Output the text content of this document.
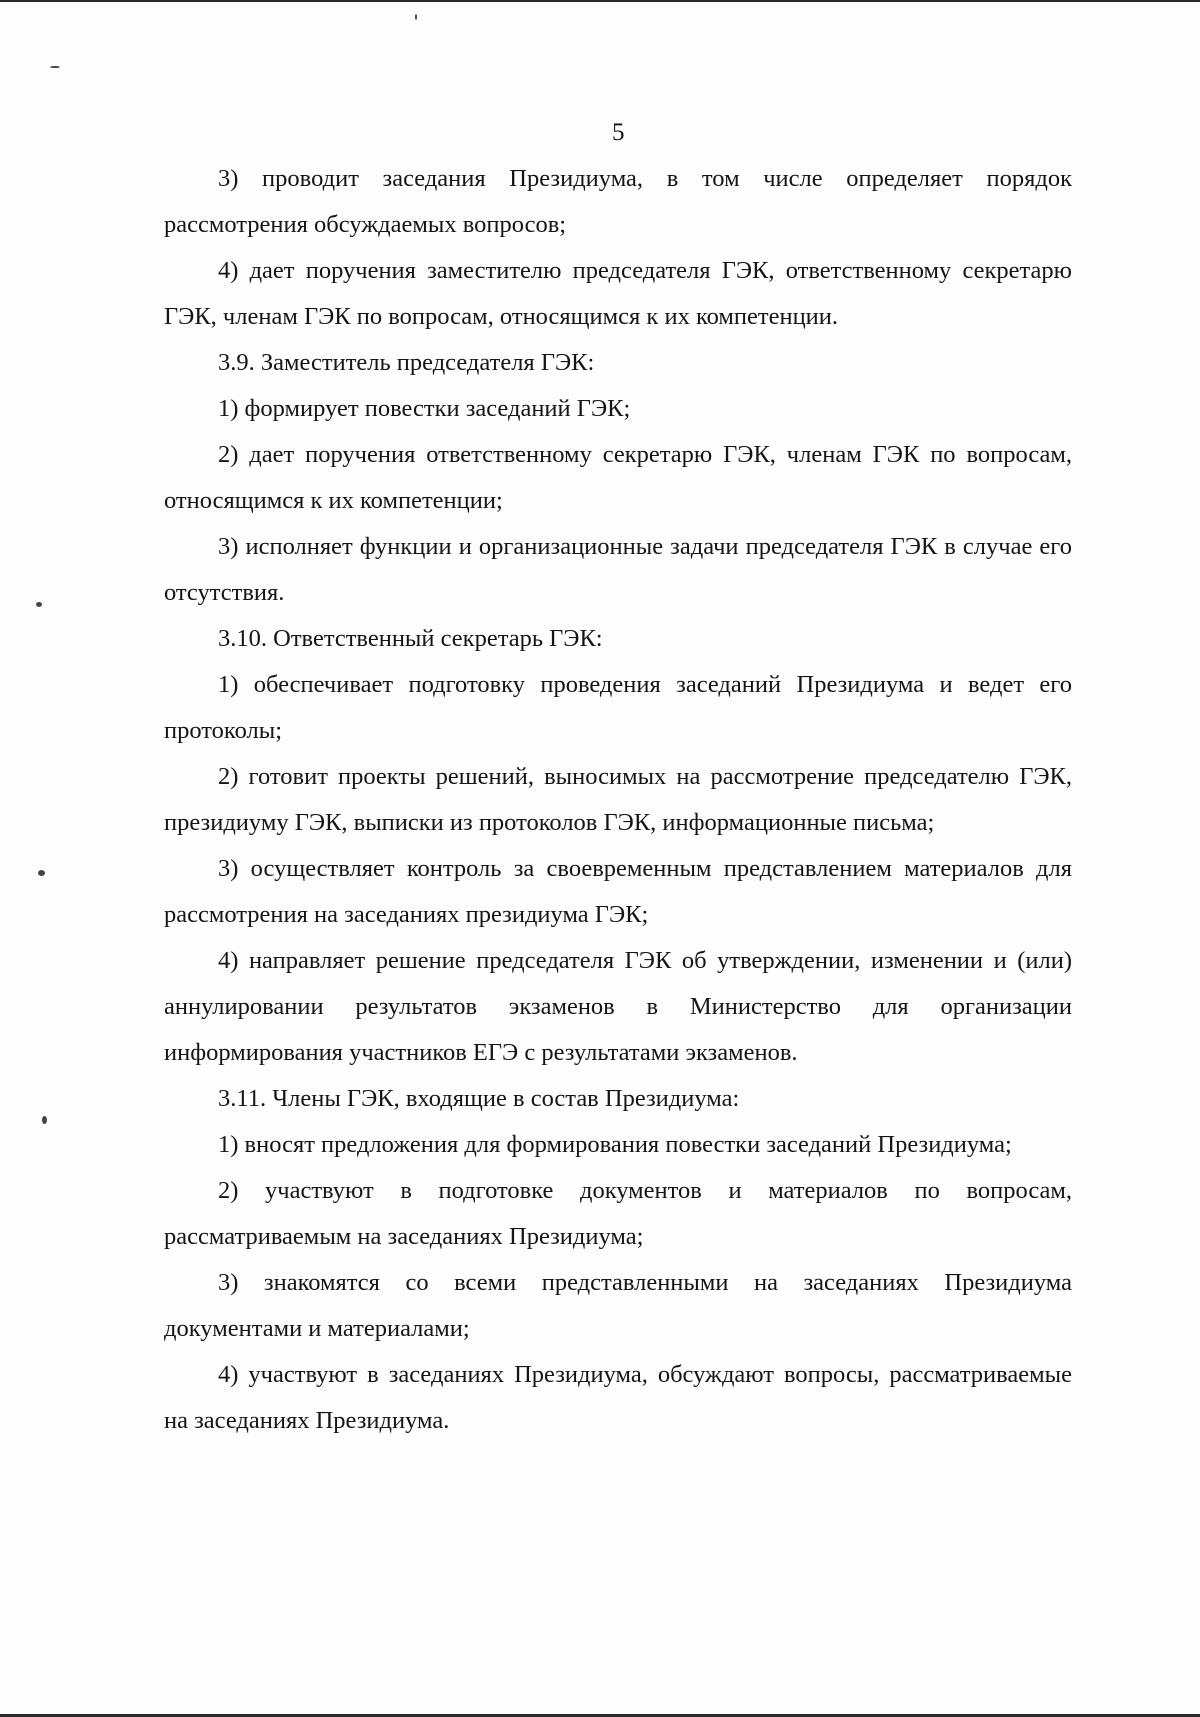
5

3) проводит заседания Президиума, в том числе определяет порядок рассмотрения обсуждаемых вопросов;

4) дает поручения заместителю председателя ГЭК, ответственному секретарю ГЭК, членам ГЭК по вопросам, относящимся к их компетенции.

3.9. Заместитель председателя ГЭК:

1) формирует повестки заседаний ГЭК;

2) дает поручения ответственному секретарю ГЭК, членам ГЭК по вопросам, относящимся к их компетенции;

3) исполняет функции и организационные задачи председателя ГЭК в случае его отсутствия.

3.10. Ответственный секретарь ГЭК:

1) обеспечивает подготовку проведения заседаний Президиума и ведет его протоколы;

2) готовит проекты решений, выносимых на рассмотрение председателю ГЭК, президиуму ГЭК, выписки из протоколов ГЭК, информационные письма;

3) осуществляет контроль за своевременным представлением материалов для рассмотрения на заседаниях президиума ГЭК;

4) направляет решение председателя ГЭК об утверждении, изменении и (или) аннулировании результатов экзаменов в Министерство для организации информирования участников ЕГЭ с результатами экзаменов.

3.11. Члены ГЭК, входящие в состав Президиума:

1) вносят предложения для формирования повестки заседаний Президиума;

2) участвуют в подготовке документов и материалов по вопросам, рассматриваемым на заседаниях Президиума;

3) знакомятся со всеми представленными на заседаниях Президиума документами и материалами;

4) участвуют в заседаниях Президиума, обсуждают вопросы, рассматриваемые на заседаниях Президиума.
